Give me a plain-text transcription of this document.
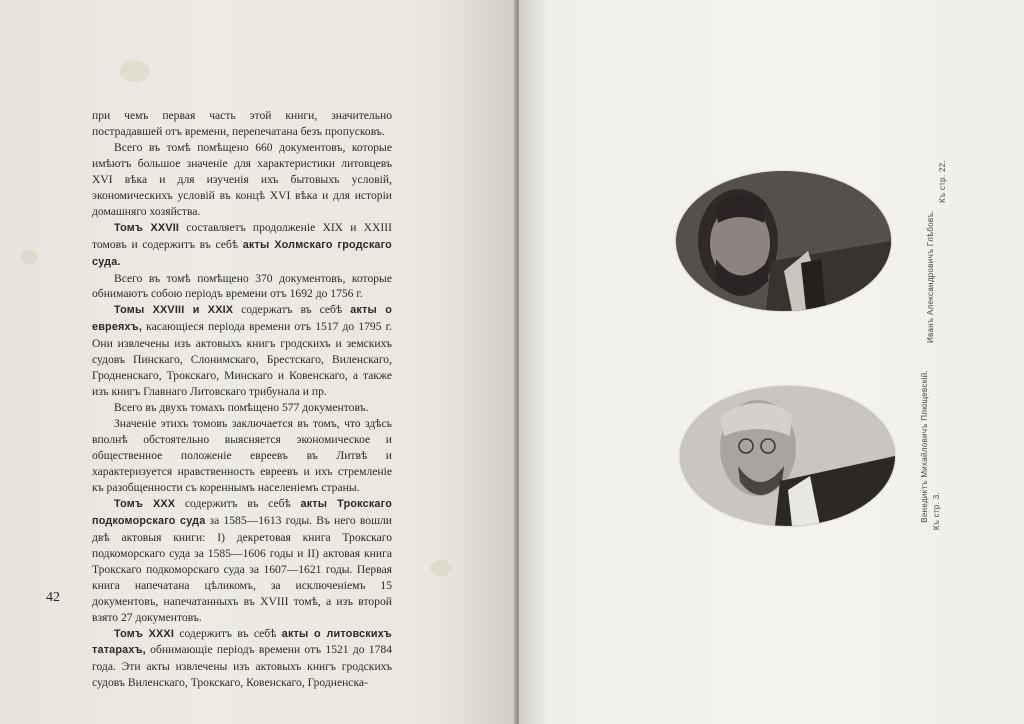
при чемъ первая часть этой книги, значительно пострадавшей отъ времени, перепечатана безъ пропусковъ.

Всего въ томѣ помѣщено 660 документовъ, которые имѣютъ большое значеніе для характеристики литовцевъ XVI вѣка и для изученія ихъ бытовыхъ условій, экономическихъ условій въ концѣ XVI вѣка и для исторіи домашняго хозяйства.

Томъ XXVII составляетъ продолженіе XIX и XXIII томовъ и содержитъ въ себѣ акты Холмскаго гродскаго суда.

Всего въ томѣ помѣщено 370 документовъ, которые обнимаютъ собою періодъ времени отъ 1692 до 1756 г.

Томы XXVIII и XXIX содержатъ въ себѣ акты о евреяхъ, касающіеся періода времени отъ 1517 до 1795 г. Они извлечены изъ актовыхъ книгъ гродскихъ и земскихъ судовъ Пинскаго, Слонимскаго, Брестскаго, Виленскаго, Гродненскаго, Трокскаго, Минскаго и Ковенскаго, а также изъ книгъ Главнаго Литовскаго трибунала и пр.

Всего въ двухъ томахъ помѣщено 577 документовъ.

Значеніе этихъ томовъ заключается въ томъ, что здѣсь вполнѣ обстоятельно выясняется экономическое и общественное положеніе евреевъ въ Литвѣ и характеризуется нравственность евреевъ и ихъ стремленіе къ разобщенности съ кореннымъ населеніемъ страны.

Томъ XXX содержитъ въ себѣ акты Трокскаго подкоморскаго суда за 1585—1613 годы. Въ него вошли двѣ актовыя книги: I) декретовая книга Трокскаго подкоморскаго суда за 1585—1606 годы и II) актовая книга Трокскаго подкоморскаго суда за 1607—1621 годы. Первая книга напечатана цѣликомъ, за исключеніемъ 15 документовъ, напечатанныхъ въ XVIII томѣ, а изъ второй взято 27 документовъ.

Томъ XXXI содержитъ въ себѣ акты о литовскихъ татарахъ, обнимающіе періодъ времени отъ 1521 до 1784 года. Эти акты извлечены изъ актовыхъ книгъ гродскихъ судовъ Виленскаго, Трокскаго, Ковенскаго, Гродненска-

42
Иванъ Александровичъ Глѣбовъ.
Къ стр. 22.
Венедиктъ Михайловичъ Плющевскій. Къ стр. 3.
